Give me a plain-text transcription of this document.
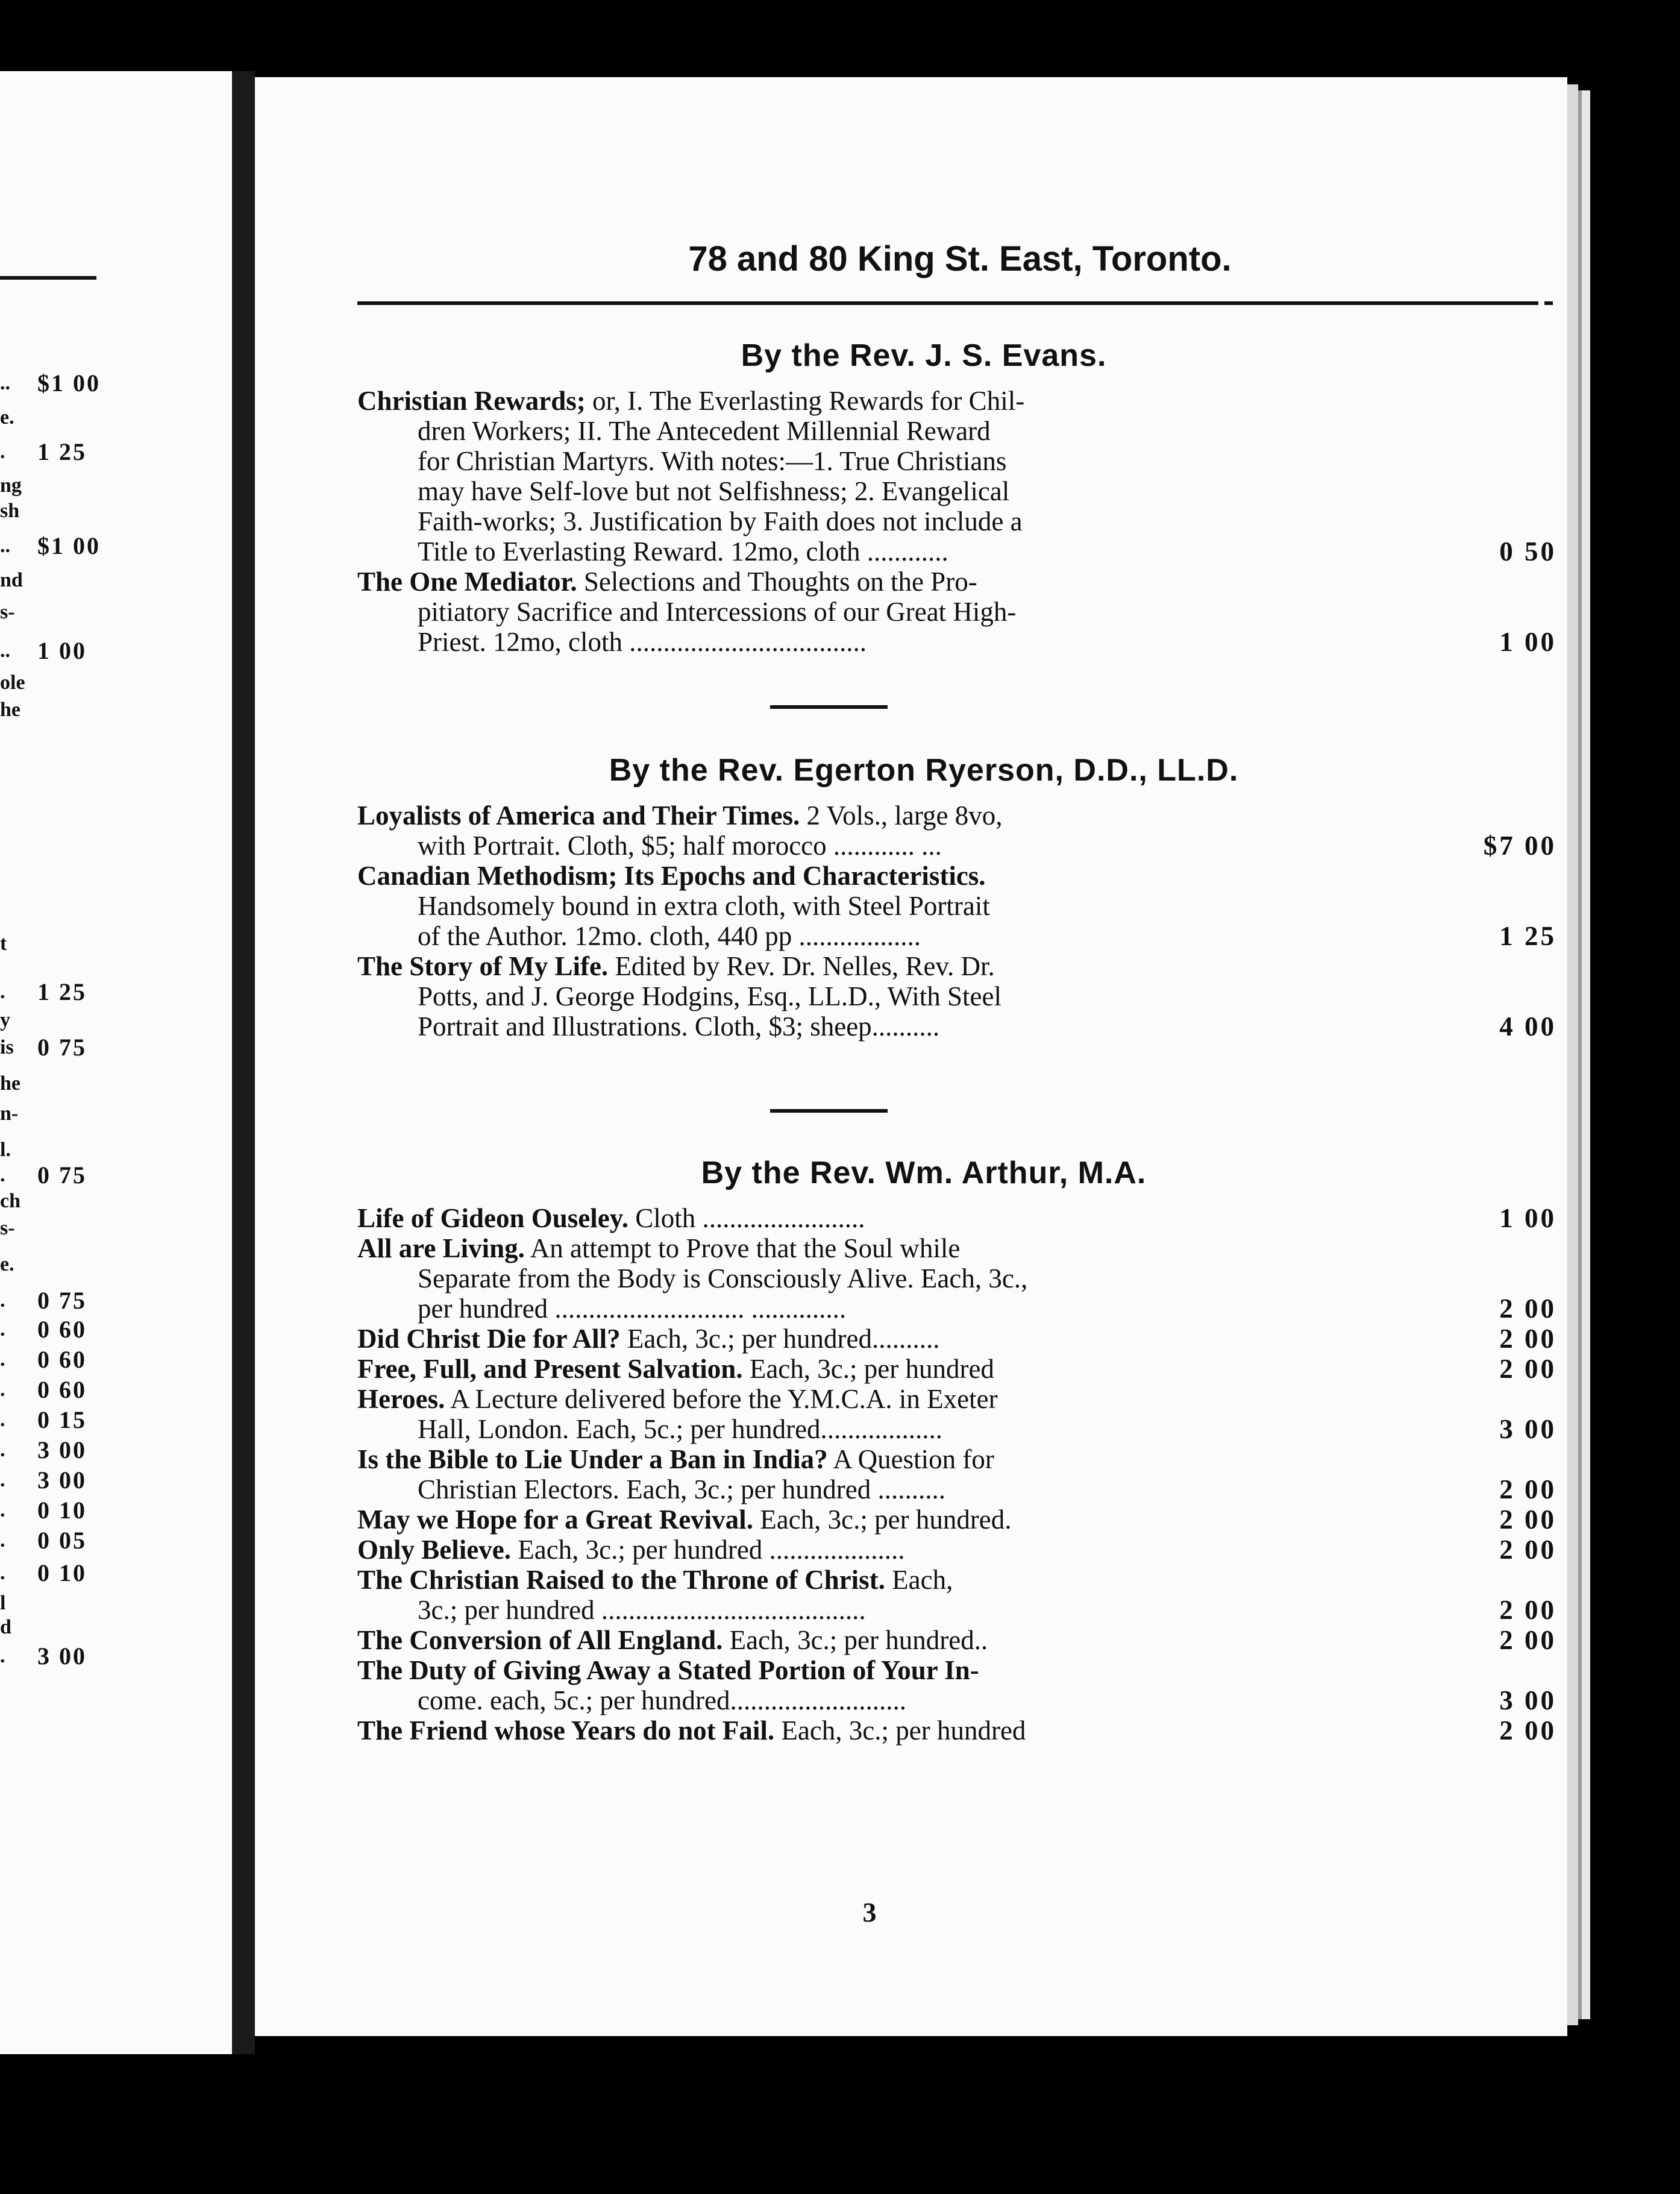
.. $1 00
e.
. 1 25
ng
sh
.. $1 00
nd
s-
.. 1 00
ole
he
t
. 1 25
y
is 0 75
he
n-
l.
. 0 75
ch
s-
e.
. 0 75
. 0 60
. 0 60
. 0 60
. 0 15
. 3 00
. 3 00
. 0 10
. 0 05
. 0 10
l
d
. 3 00
78 and 80 King St. East, Toronto.
By the Rev. J. S. Evans.
Christian Rewards; or, I. The Everlasting Rewards for Chil-
dren Workers; II. The Antecedent Millennial Reward
for Christian Martyrs. With notes:—1. True Christians
may have Self-love but not Selfishness; 2. Evangelical
Faith-works; 3. Justification by Faith does not include a
Title to Everlasting Reward. 12mo, cloth ............	0 50
The One Mediator. Selections and Thoughts on the Pro-
pitiatory Sacrifice and Intercessions of our Great High-
Priest. 12mo, cloth ...................................	1 00
By the Rev. Egerton Ryerson, D.D., LL.D.
Loyalists of America and Their Times. 2 Vols., large 8vo,
with Portrait. Cloth, $5; half morocco ............ ...	$7 00
Canadian Methodism; Its Epochs and Characteristics.
Handsomely bound in extra cloth, with Steel Portrait
of the Author. 12mo. cloth, 440 pp ..................	1 25
The Story of My Life. Edited by Rev. Dr. Nelles, Rev. Dr.
Potts, and J. George Hodgins, Esq., LL.D., With Steel
Portrait and Illustrations. Cloth, $3; sheep..........	4 00
By the Rev. Wm. Arthur, M.A.
Life of Gideon Ouseley. Cloth ........................	1 00
All are Living. An attempt to Prove that the Soul while
Separate from the Body is Consciously Alive. Each, 3c.,
per hundred ............................ ..............	2 00
Did Christ Die for All? Each, 3c.; per hundred..........	2 00
Free, Full, and Present Salvation. Each, 3c.; per hundred	2 00
Heroes. A Lecture delivered before the Y.M.C.A. in Exeter
Hall, London. Each, 5c.; per hundred..................	3 00
Is the Bible to Lie Under a Ban in India? A Question for
Christian Electors. Each, 3c.; per hundred ..........	2 00
May we Hope for a Great Revival. Each, 3c.; per hundred.	2 00
Only Believe. Each, 3c.; per hundred ....................	2 00
The Christian Raised to the Throne of Christ. Each,
3c.; per hundred .......................................	2 00
The Conversion of All England. Each, 3c.; per hundred..	2 00
The Duty of Giving Away a Stated Portion of Your In-
come. each, 5c.; per hundred..........................	3 00
The Friend whose Years do not Fail. Each, 3c.; per hundred	2 00
3
